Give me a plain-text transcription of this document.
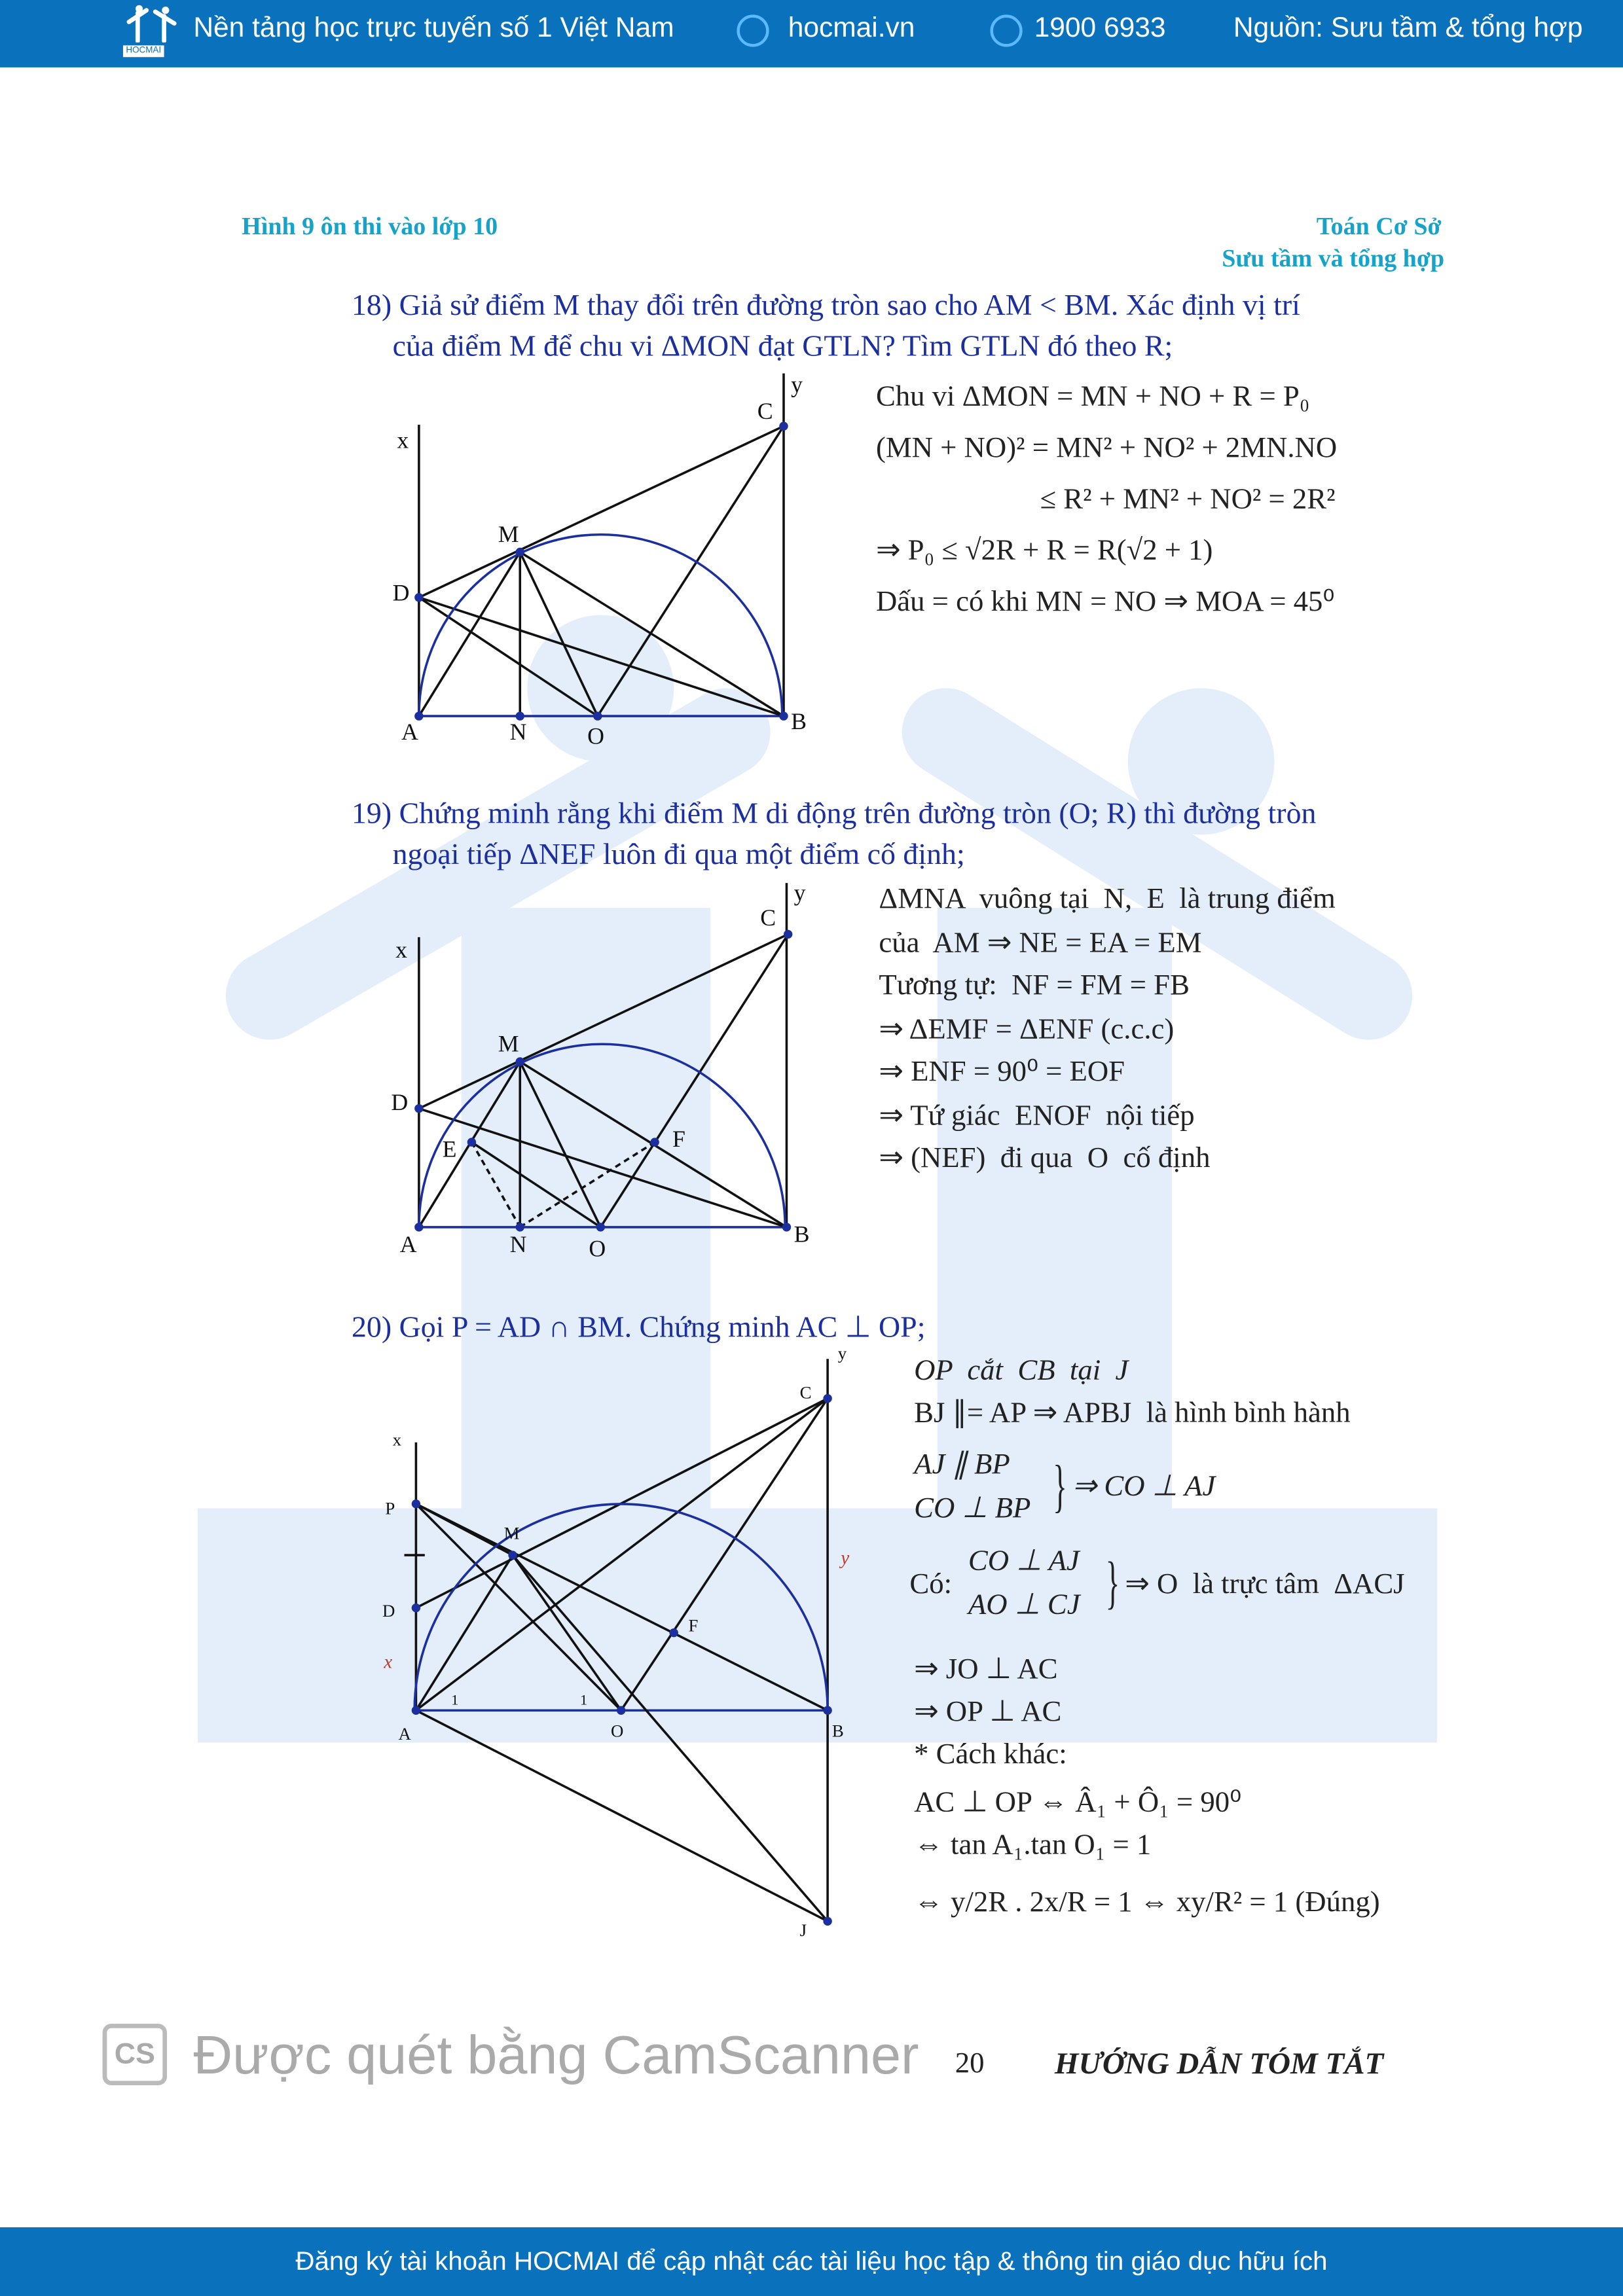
HOCMAI
Nền tảng học trực tuyến số 1 Việt Nam	hocmai.vn	1900 6933	Nguồn: Sưu tầm & tổng hợp
Hình 9 ôn thi vào lớp 10	Toán Cơ Sở
Sưu tầm và tổng hợp
18) Giả sử điểm M thay đổi trên đường tròn sao cho AM < BM. Xác định vị trí
của điểm M để chu vi ΔMON đạt GTLN? Tìm GTLN đó theo R;
x
y
C
M
D
A	N	O
B
Chu vi ΔMON = MN + NO + R = P₀
(MN + NO)² = MN² + NO² + 2MN.NO
≤ R² + MN² + NO² = 2R²
⇒ P₀ ≤ √2R + R = R(√2 + 1)
Dấu = có khi MN = NO ⇒ MOA = 45⁰
19) Chứng minh rằng khi điểm M di động trên đường tròn (O; R) thì đường tròn
ngoại tiếp ΔNEF luôn đi qua một điểm cố định;
x
y
C
M
D
E	F
A	N	O
B
ΔMNA  vuông tại  N,  E  là trung điểm
của  AM ⇒ NE = EA = EM
Tương tự:  NF = FM = FB
⇒ ΔEMF = ΔENF (c.c.c)
⇒ ENF = 90⁰ = EOF
⇒ Tứ giác  ENOF  nội tiếp
⇒ (NEF)  đi qua  O  cố định
20) Gọi P = AD ∩ BM. Chứng minh AC ⊥ OP;
x
y
C
P
M
D
F
A	O	B
J
x
y
1	1
OP  cắt  CB  tại  J
BJ ∥= AP ⇒ APBJ  là hình bình hành
AJ ∥ BP
CO ⊥ BP } ⇒ CO ⊥ AJ
Có:
CO ⊥ AJ
AO ⊥ CJ } ⇒ O  là trực tâm  ΔACJ
⇒ JO ⊥ AC
⇒ OP ⊥ AC
* Cách khác:
AC ⊥ OP ⇔ Â₁ + Ô₁ = 90⁰
⇔ tan A₁.tan O₁ = 1
⇔ y/2R . 2x/R = 1 ⇔ xy/R² = 1 (Đúng)
CS	Được quét bằng CamScanner	20	HƯỚNG DẪN TÓM TẮT
Đăng ký tài khoản HOCMAI để cập nhật các tài liệu học tập & thông tin giáo dục hữu ích
